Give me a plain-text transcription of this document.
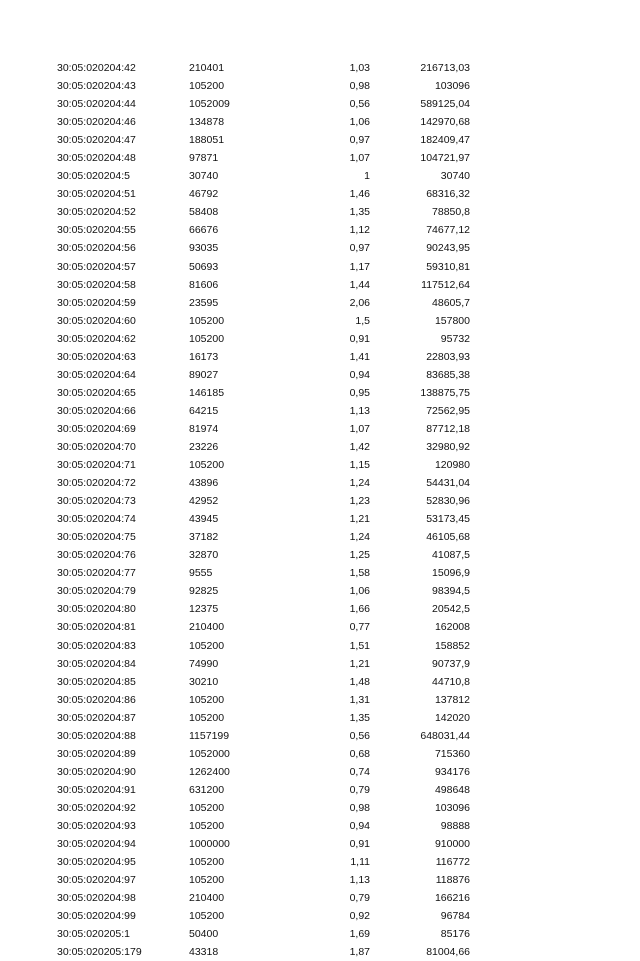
30:05:020204:42	210401	1,03	216713,03
30:05:020204:43	105200	0,98	103096
30:05:020204:44	1052009	0,56	589125,04
30:05:020204:46	134878	1,06	142970,68
30:05:020204:47	188051	0,97	182409,47
30:05:020204:48	97871	1,07	104721,97
30:05:020204:5	30740	1	30740
30:05:020204:51	46792	1,46	68316,32
30:05:020204:52	58408	1,35	78850,8
30:05:020204:55	66676	1,12	74677,12
30:05:020204:56	93035	0,97	90243,95
30:05:020204:57	50693	1,17	59310,81
30:05:020204:58	81606	1,44	117512,64
30:05:020204:59	23595	2,06	48605,7
30:05:020204:60	105200	1,5	157800
30:05:020204:62	105200	0,91	95732
30:05:020204:63	16173	1,41	22803,93
30:05:020204:64	89027	0,94	83685,38
30:05:020204:65	146185	0,95	138875,75
30:05:020204:66	64215	1,13	72562,95
30:05:020204:69	81974	1,07	87712,18
30:05:020204:70	23226	1,42	32980,92
30:05:020204:71	105200	1,15	120980
30:05:020204:72	43896	1,24	54431,04
30:05:020204:73	42952	1,23	52830,96
30:05:020204:74	43945	1,21	53173,45
30:05:020204:75	37182	1,24	46105,68
30:05:020204:76	32870	1,25	41087,5
30:05:020204:77	9555	1,58	15096,9
30:05:020204:79	92825	1,06	98394,5
30:05:020204:80	12375	1,66	20542,5
30:05:020204:81	210400	0,77	162008
30:05:020204:83	105200	1,51	158852
30:05:020204:84	74990	1,21	90737,9
30:05:020204:85	30210	1,48	44710,8
30:05:020204:86	105200	1,31	137812
30:05:020204:87	105200	1,35	142020
30:05:020204:88	1157199	0,56	648031,44
30:05:020204:89	1052000	0,68	715360
30:05:020204:90	1262400	0,74	934176
30:05:020204:91	631200	0,79	498648
30:05:020204:92	105200	0,98	103096
30:05:020204:93	105200	0,94	98888
30:05:020204:94	1000000	0,91	910000
30:05:020204:95	105200	1,11	116772
30:05:020204:97	105200	1,13	118876
30:05:020204:98	210400	0,79	166216
30:05:020204:99	105200	0,92	96784
30:05:020205:1	50400	1,69	85176
30:05:020205:179	43318	1,87	81004,66
